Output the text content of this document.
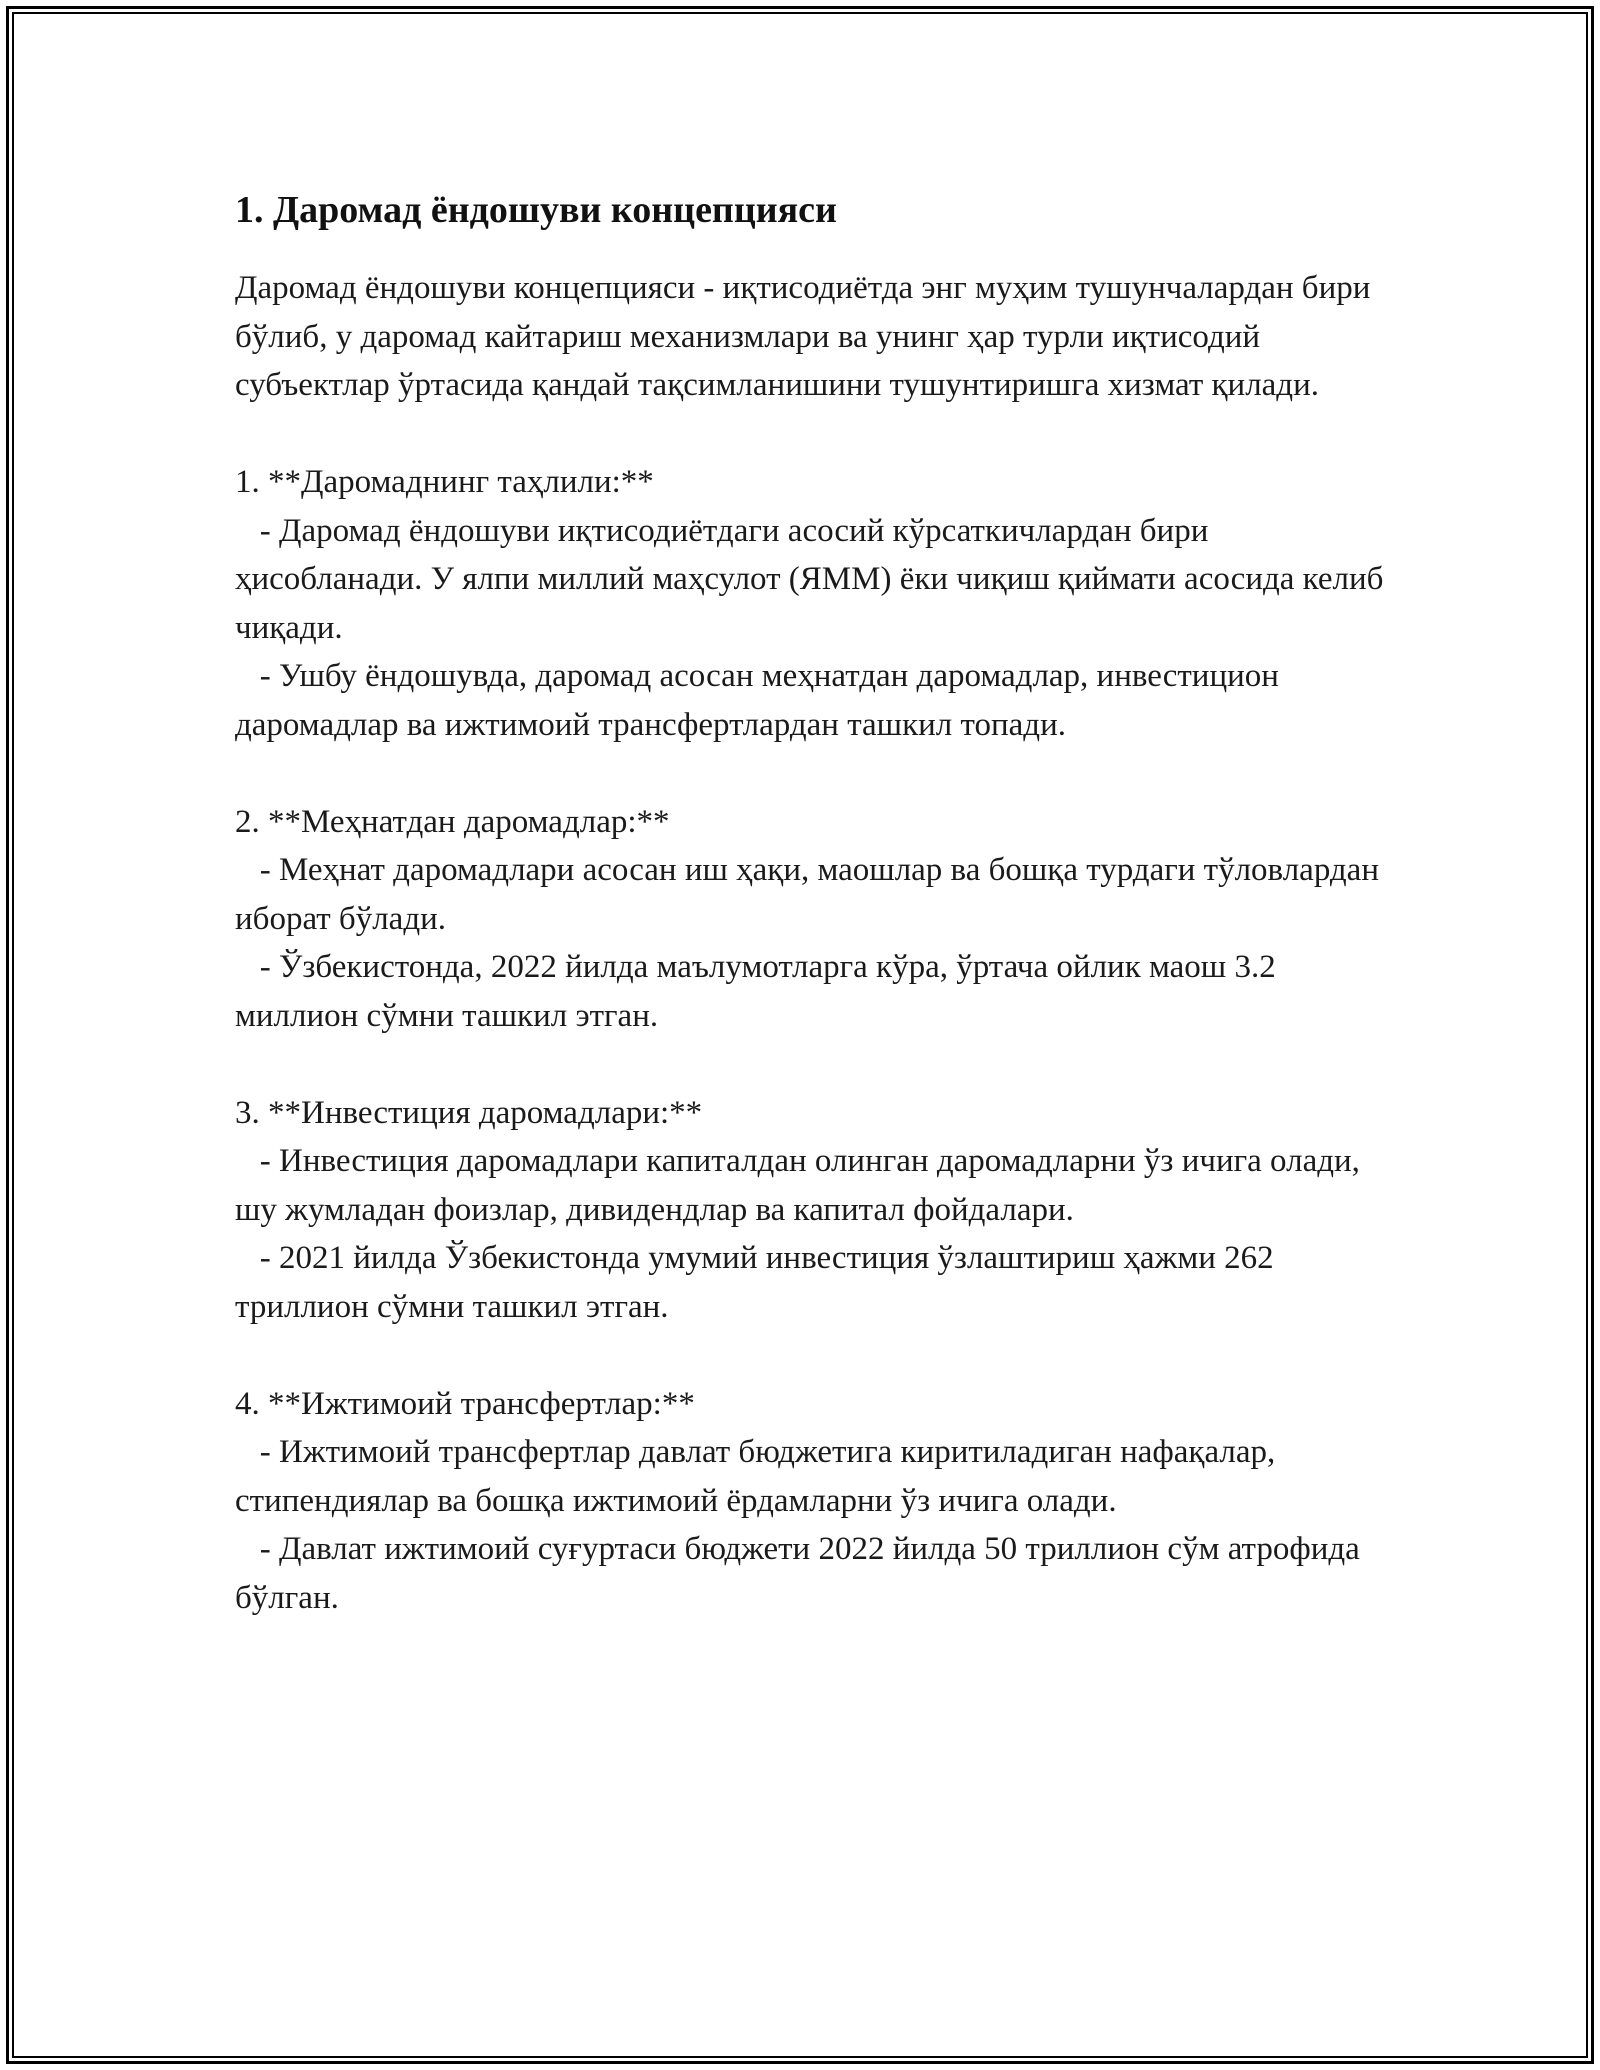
1. Даромад ёндошуви концепцияси

Даромад ёндошуви концепцияси - иқтисодиётда энг муҳим тушунчалардан бири бўлиб, у даромад кайтариш механизмлари ва унинг ҳар турли иқтисодий субъектлар ўртасида қандай тақсимланишини тушунтиришга хизмат қилади.

1. **Даромаднинг таҳлили:**

- Даромад ёндошуви иқтисодиётдаги асосий кўрсаткичлардан бири ҳисобланади. У ялпи миллий маҳсулот (ЯММ) ёки чиқиш қиймати асосида келиб чиқади.

- Ушбу ёндошувда, даромад асосан меҳнатдан даромадлар, инвестицион даромадлар ва ижтимоий трансфертлардан ташкил топади.

2. **Меҳнатдан даромадлар:**

- Меҳнат даромадлари асосан иш ҳақи, маошлар ва бошқа турдаги тўловлардан иборат бўлади.

- Ўзбекистонда, 2022 йилда маълумотларга кўра, ўртача ойлик маош 3.2 миллион сўмни ташкил этган.

3. **Инвестиция даромадлари:**

- Инвестиция даромадлари капиталдан олинган даромадларни ўз ичига олади, шу жумладан фоизлар, дивидендлар ва капитал фойдалари.

- 2021 йилда Ўзбекистонда умумий инвестиция ўзлаштириш ҳажми 262 триллион сўмни ташкил этган.

4. **Ижтимоий трансфертлар:**

- Ижтимоий трансфертлар давлат бюджетига киритиладиган нафақалар, стипендиялар ва бошқа ижтимоий ёрдамларни ўз ичига олади.

- Давлат ижтимоий суғуртаси бюджети 2022 йилда 50 триллион сўм атрофида бўлган.
